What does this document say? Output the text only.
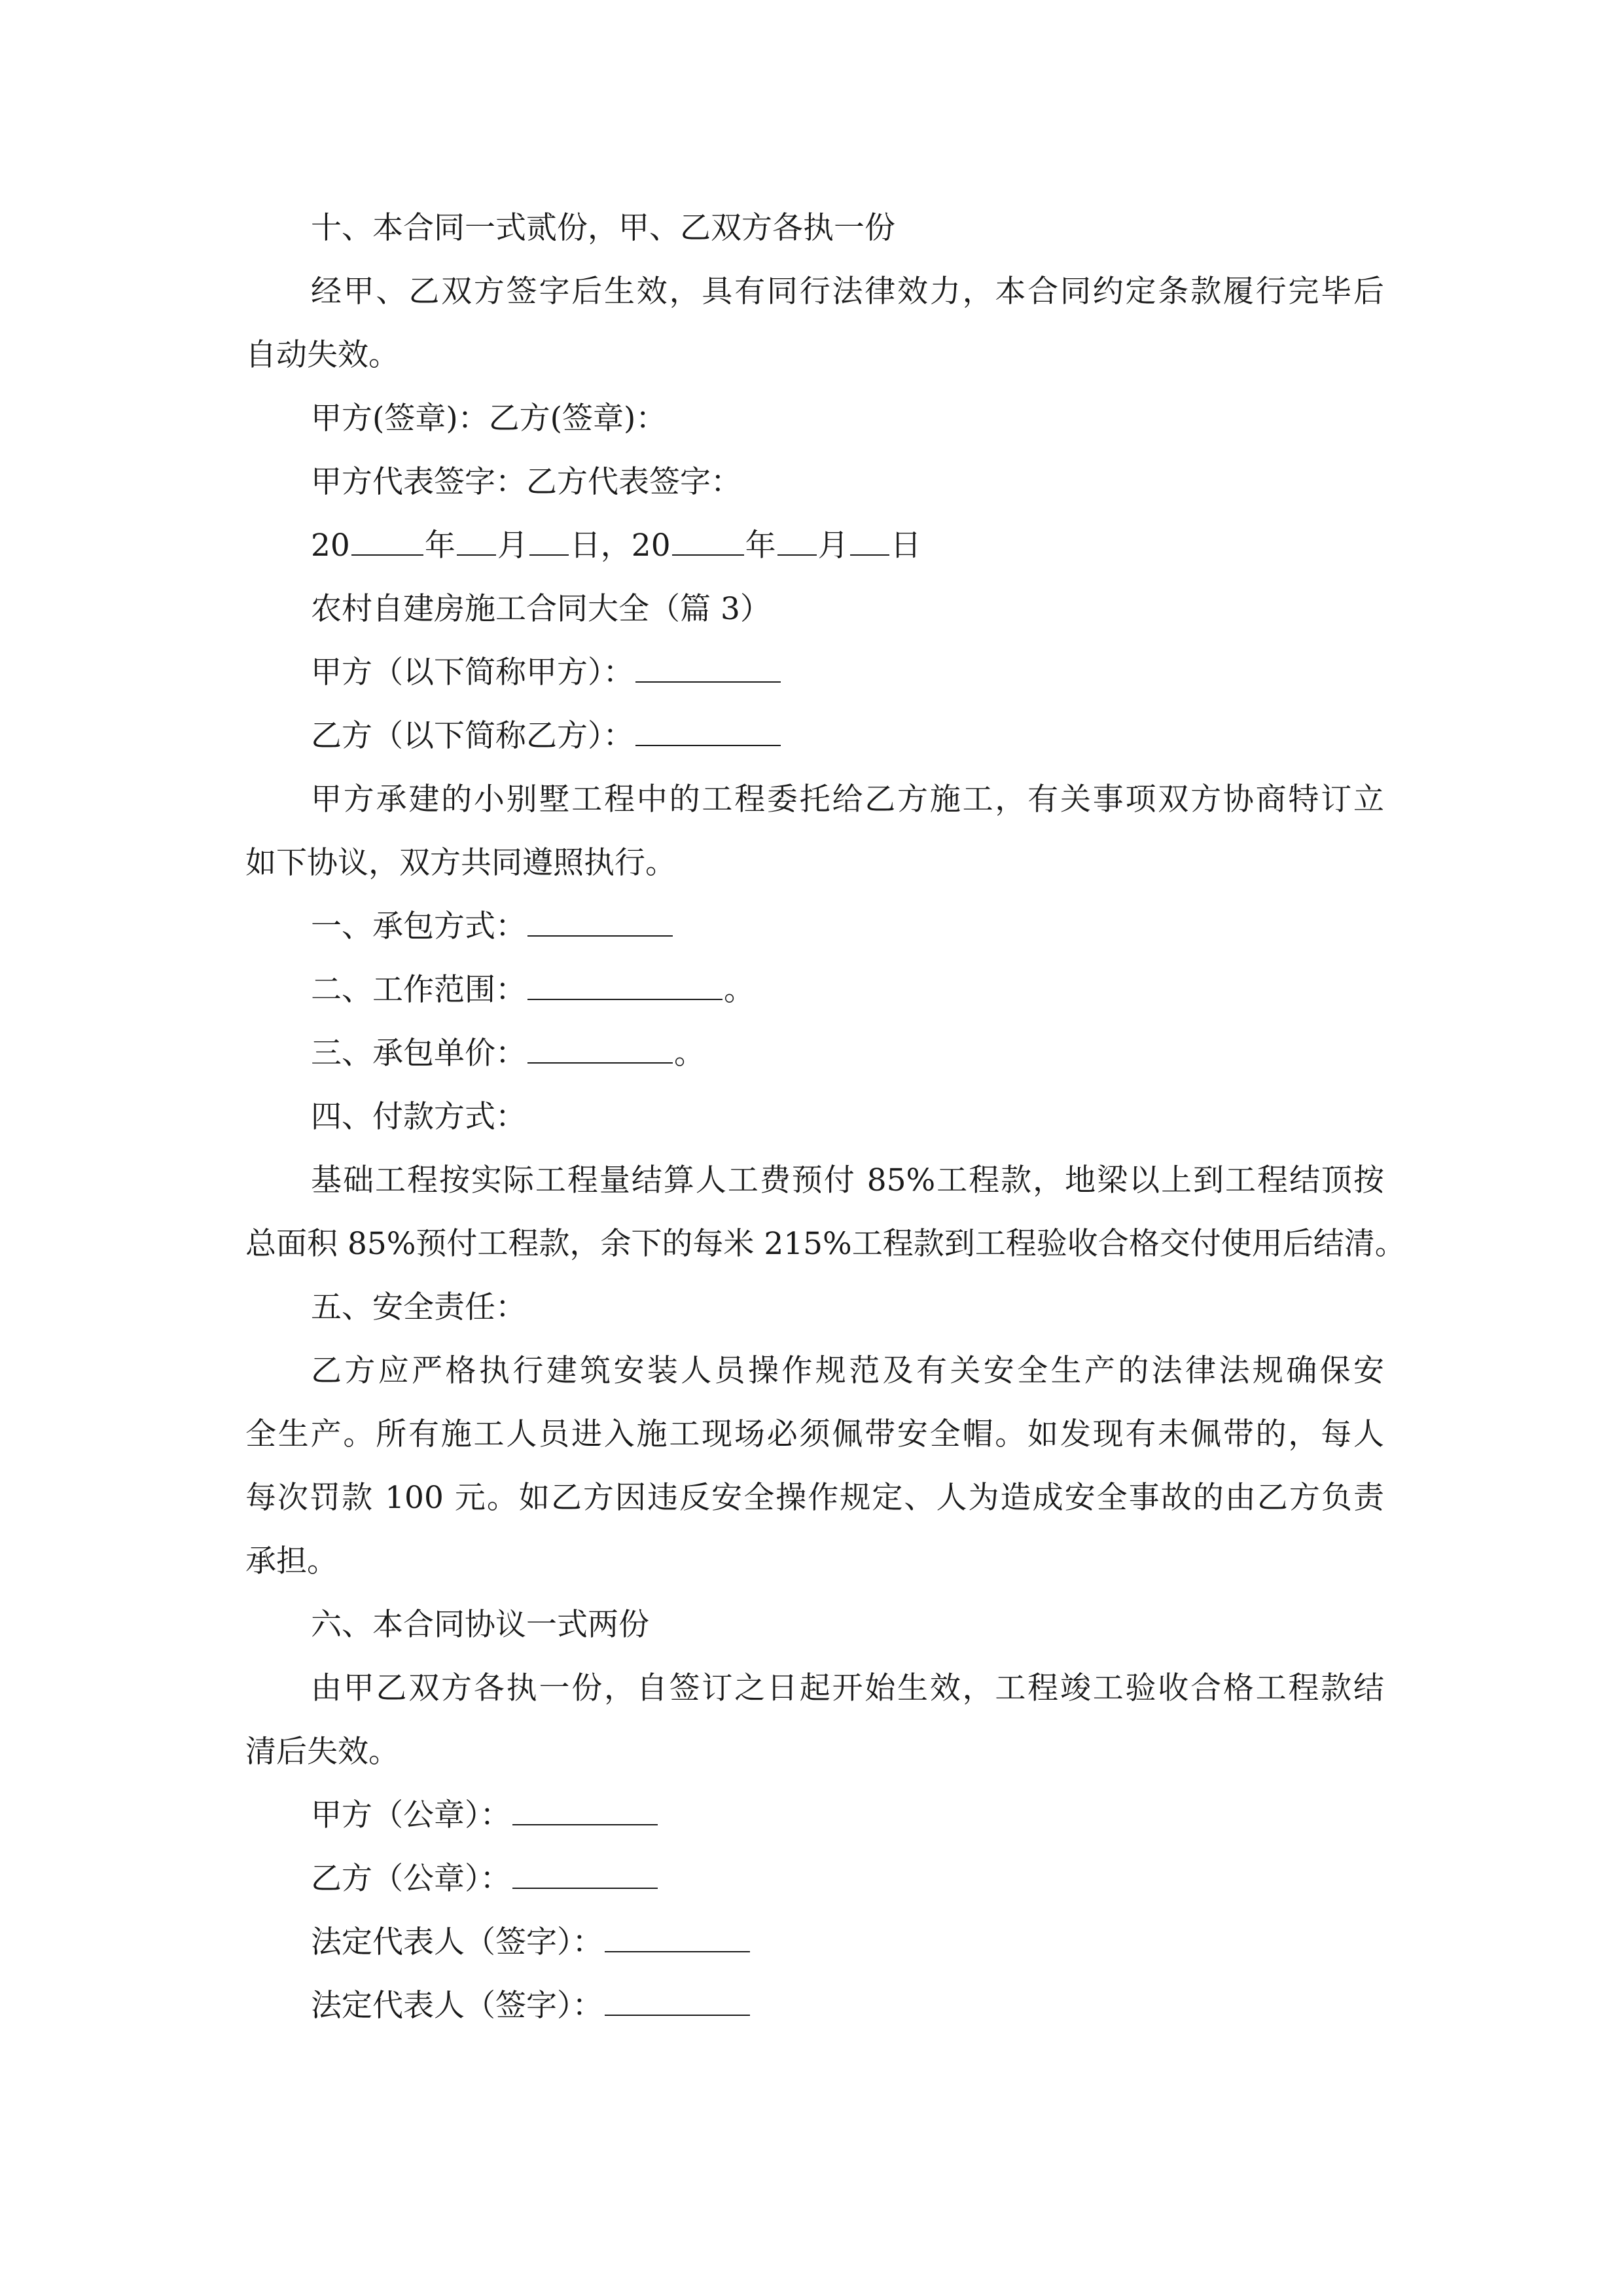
十、本合同一式贰份，甲、乙双方各执一份
经甲、乙双方签字后生效，具有同行法律效力，本合同约定条款履行完毕后
自动失效。
甲方(签章)：乙方(签章)：
甲方代表签字：乙方代表签字：
20 年 月 日，20 年 月 日
农村自建房施工合同大全（篇 3）
甲方（以下简称甲方）：
乙方（以下简称乙方）：
甲方承建的小别墅工程中的工程委托给乙方施工，有关事项双方协商特订立
如下协议，双方共同遵照执行。
一、承包方式：
二、工作范围：	。
三、承包单价：	。
四、付款方式：
基础工程按实际工程量结算人工费预付 85%工程款，地梁以上到工程结顶按
总面积 85%预付工程款，余下的每米 215%工程款到工程验收合格交付使用后结清。
五、安全责任：
乙方应严格执行建筑安装人员操作规范及有关安全生产的法律法规确保安
全生产。所有施工人员进入施工现场必须佩带安全帽。如发现有未佩带的，每人
每次罚款 100 元。如乙方因违反安全操作规定、人为造成安全事故的由乙方负责
承担。
六、本合同协议一式两份
由甲乙双方各执一份，自签订之日起开始生效，工程竣工验收合格工程款结
清后失效。
甲方（公章）：
乙方（公章）：
法定代表人（签字）：
法定代表人（签字）：
